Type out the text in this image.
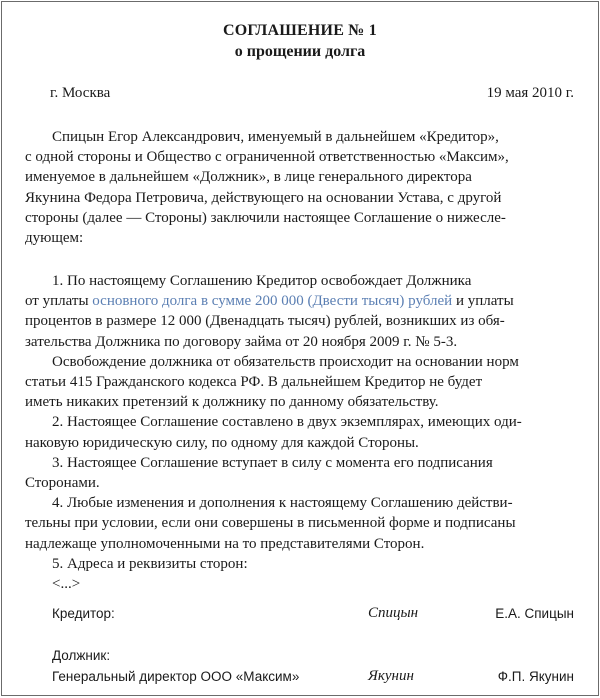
СОГЛАШЕНИЕ № 1
о прощении долга
г. Москва	19 мая 2010 г.

Спицын Егор Александрович, именуемый в дальнейшем «Кредитор»,

с одной стороны и Общество с ограниченной ответственностью «Максим»,

именуемое в дальнейшем «Должник», в лице генерального директора

Якунина Федора Петровича, действующего на основании Устава, с другой

стороны (далее — Стороны) заключили настоящее Соглашение о нижесле-

дующем:

1. По настоящему Соглашению Кредитор освобождает Должника

от уплаты основного долга в сумме 200 000 (Двести тысяч) рублей и уплаты

процентов в размере 12 000 (Двенадцать тысяч) рублей, возникших из обя-

зательства Должника по договору займа от 20 ноября 2009 г. № 5-3.

Освобождение должника от обязательств происходит на основании норм

статьи 415 Гражданского кодекса РФ. В дальнейшем Кредитор не будет

иметь никаких претензий к должнику по данному обязательству.

2. Настоящее Соглашение составлено в двух экземплярах, имеющих оди-

наковую юридическую силу, по одному для каждой Стороны.

3. Настоящее Соглашение вступает в силу с момента его подписания

Сторонами.

4. Любые изменения и дополнения к настоящему Соглашению действи-

тельны при условии, если они совершены в письменной форме и подписаны

надлежаще уполномоченными на то представителями Сторон.

5. Адреса и реквизиты сторон:

<...>

Кредитор:	Спицын	Е.А. Спицын
Должник:
Генеральный директор ООО «Максим»	Якунин	Ф.П. Якунин
